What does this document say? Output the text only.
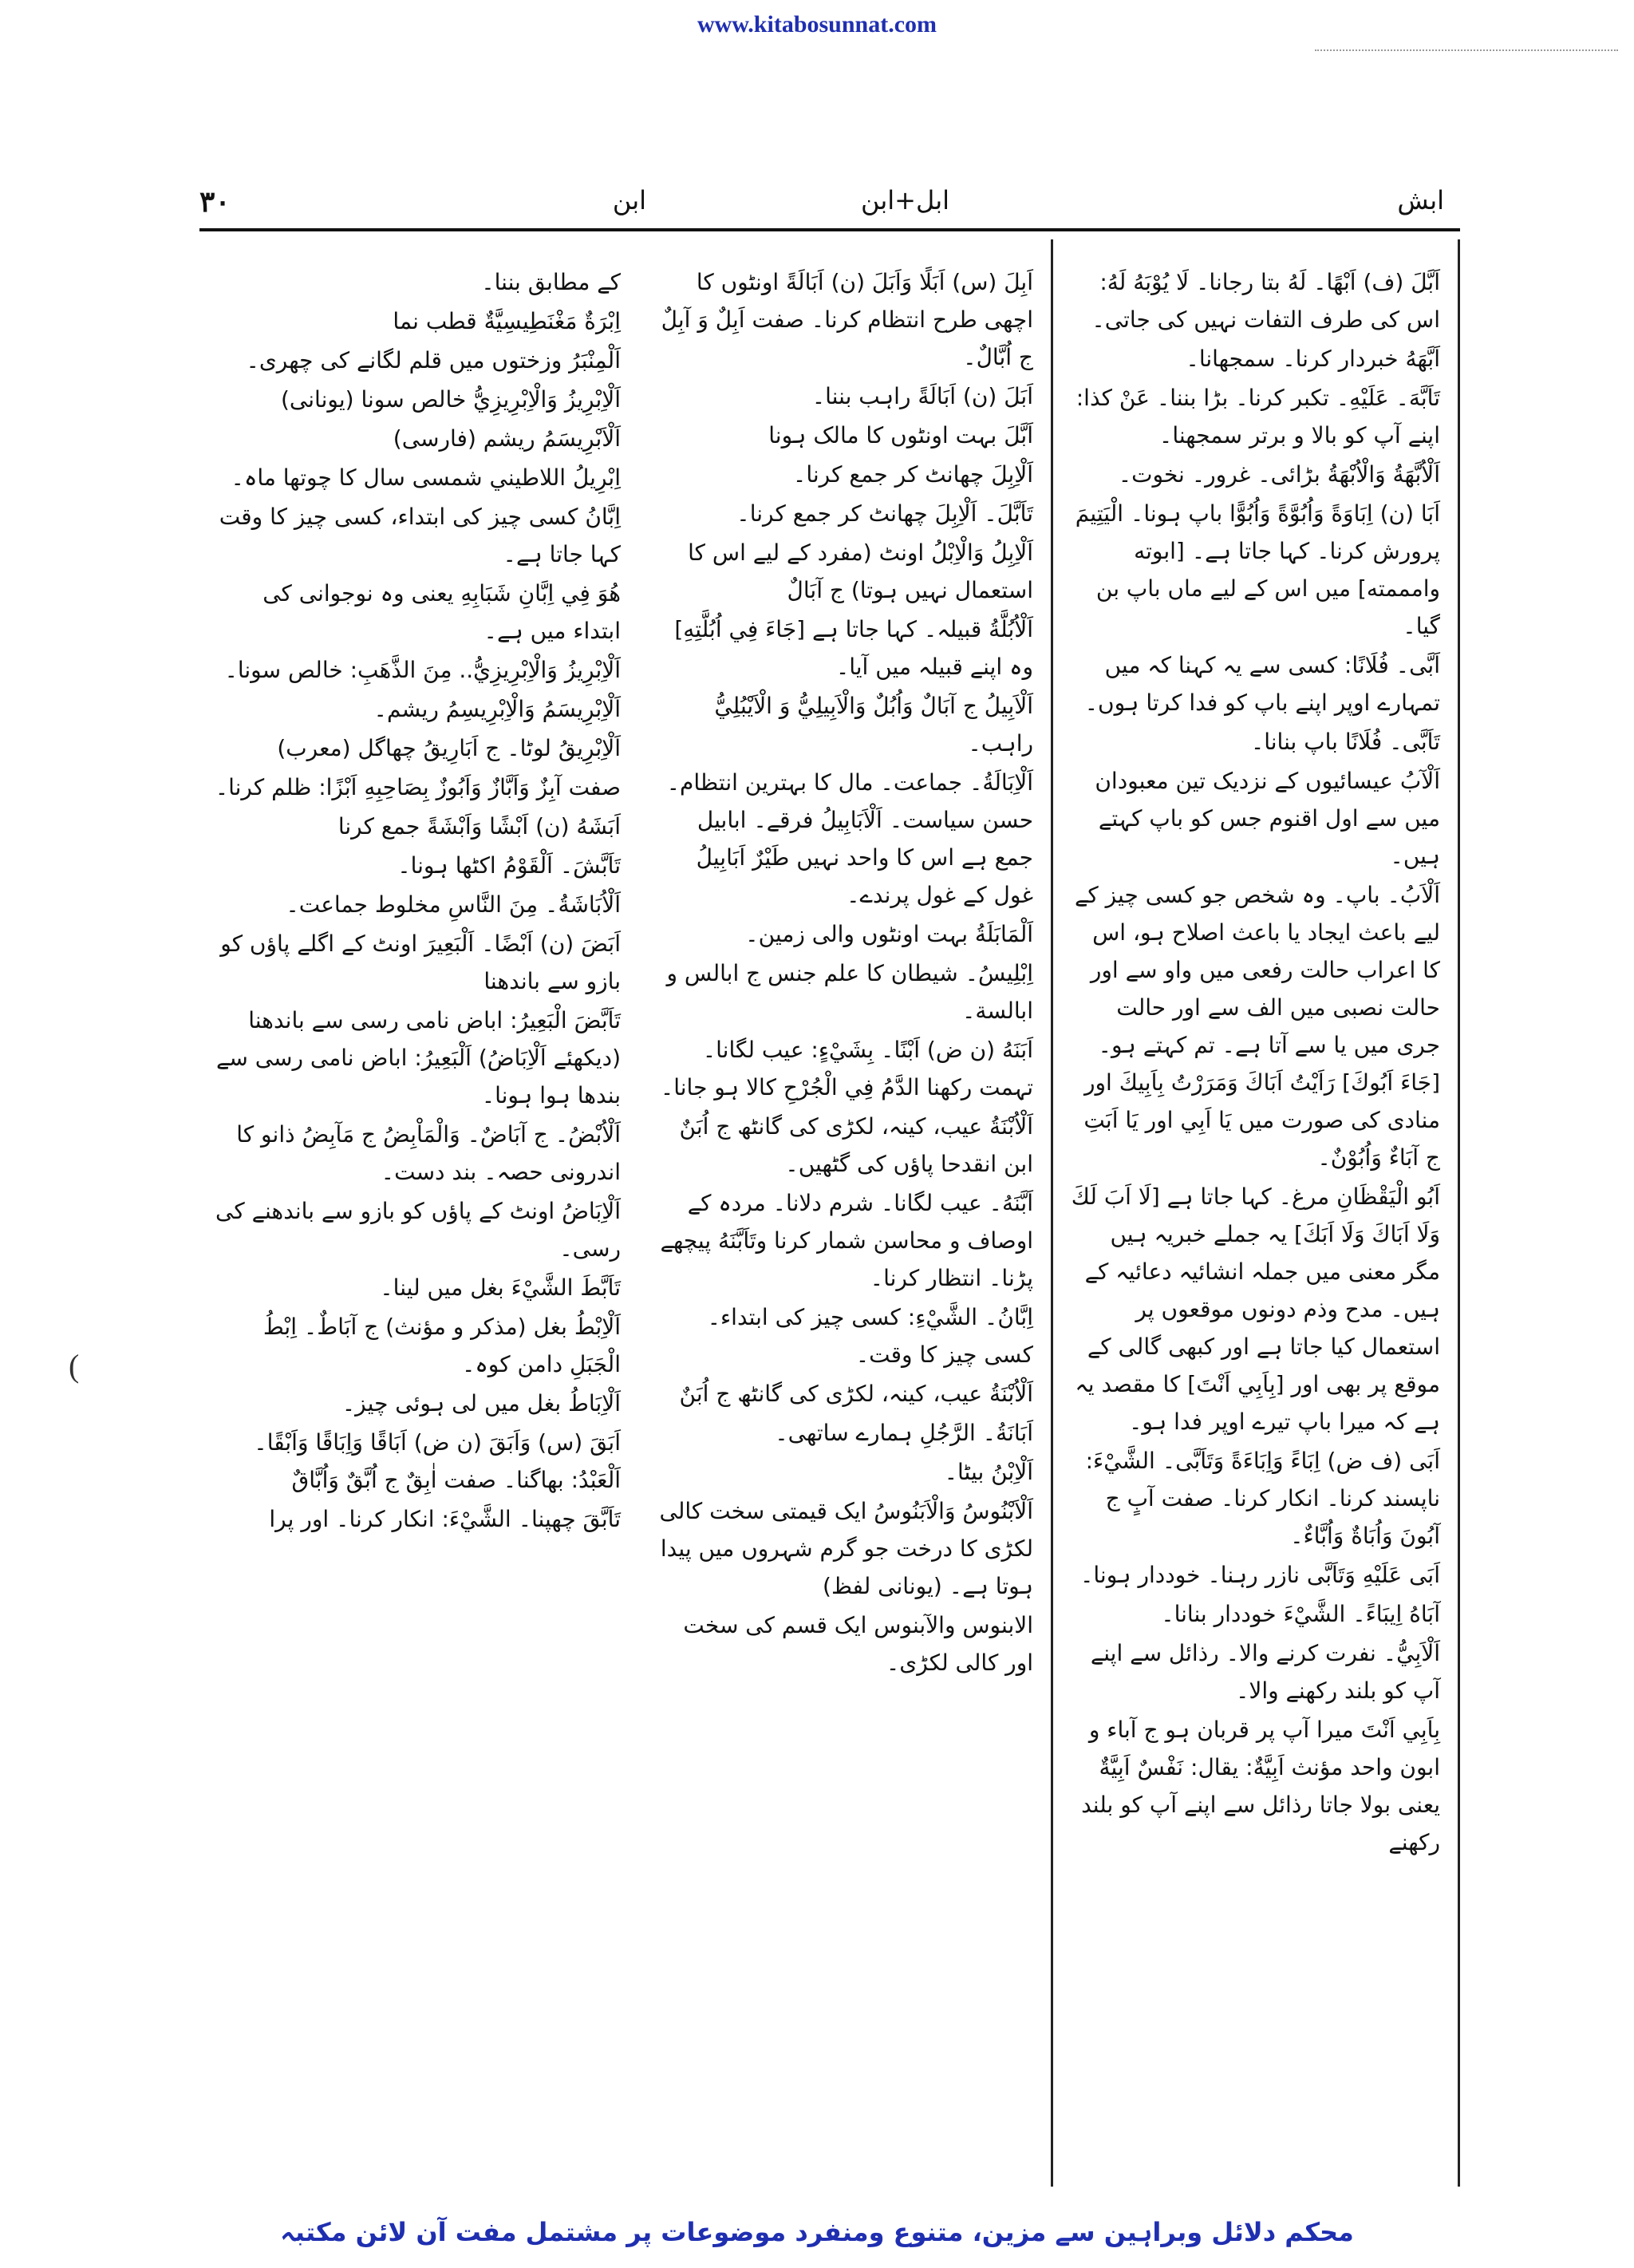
www.kitabosunnat.com
ابش
ابل+ابن
ابن
۳۰

کے مطابق بننا۔

اِبْرَةٌ مَغْنَطِيسِيَّةٌ قطب نما

اَلْمِنْبَرُ وزختوں میں قلم لگانے کی چھری۔

اَلْاِبْرِيزُ وَالْاِبْرِيزِيُّ خالص سونا (یونانی)

اَلْاَبْرِيسَمُ ریشم (فارسی)

اِبْرِيلُ اللاطيني شمسی سال کا چوتھا ماہ۔

اِبَّانُ کسی چیز کی ابتداء، کسی چیز کا وقت کہا جاتا ہے۔

هُوَ فِي اِبَّانِ شَبَابِهِ یعنی وہ نوجوانی کی ابتداء میں ہے۔

اَلْاِبْرِيزُ وَالْاِبْرِيزِيُّ.. مِنَ الذَّهَبِ: خالص سونا۔

اَلْاِبْرِيسَمُ وَالْاِبْرِيسِمُ ریشم۔

اَلْاِبْرِيقُ لوٹا۔ ج اَبَارِيقُ چھاگل (معرب)

صفت آبِزٌ وَاَبَّازٌ وَاَبُوزٌ بِصَاحِبِهِ اَبْزًا: ظلم کرنا۔

اَبَشَهُ (ن) اَبْشًا وَاَبْشَةً جمع کرنا

تَاَبَّشَ۔ اَلْقَوْمُ اکٹھا ہونا۔

اَلْاُبَاشَةُ۔ مِنَ النَّاسِ مخلوط جماعت۔

اَبَضَ (ن) اَبْضًا۔ اَلْبَعِيرَ اونٹ کے اگلے پاؤں کو بازو سے باندھنا

تَاَبَّضَ الْبَعِيرُ: اباض نامی رسی سے باندھنا (دیکھئے اَلْاِبَاضُ) اَلْبَعِيرُ: اباض نامی رسی سے بندھا ہوا ہونا۔

اَلْاُبْضُ۔ ج آبَاضٌ۔ وَالْمَاْبِضُ ج مَآبِضُ ذانو کا اندرونی حصہ۔ بند دست۔

اَلْاِبَاضُ اونٹ کے پاؤں کو بازو سے باندھنے کی رسی۔

تَاَبَّطَ الشَّيْءَ بغل میں لینا۔

اَلْاِبْطُ بغل (مذکر و مؤنث) ج آبَاطٌ۔ اِبْطُ الْجَبَلِ دامن کوہ۔

اَلْاِبَاطُ بغل میں لی ہوئی چیز۔

اَبَقَ (س) وَاَبَقَ (ن ض) اَبَاقًا وَاِبَاقًا وَاَبْقًا۔ اَلْعَبْدُ: بھاگنا۔ صفت اٰبِقٌ ج اُبَّقٌ وَاُبَّاقٌ

تَاَبَّقَ چھپنا۔ الشَّيْءَ: انکار کرنا۔ اور پرا

اَبِلَ (س) اَبَلًا وَاَبَلَ (ن) اَبَالَةً اونٹوں کا اچھی طرح انتظام کرنا۔ صفت اَبِلٌ وَ آبِلٌ ج اُبَّالٌ۔

اَبَلَ (ن) اَبَالَةً راہب بننا۔

اَبَّلَ بہت اونٹوں کا مالک ہونا

اَلْاِبِلَ چھانٹ کر جمع کرنا۔

تَاَبَّلَ۔ اَلْاِبِلَ چھانٹ کر جمع کرنا۔

اَلْاِبِلُ وَالْاِبْلُ اونٹ (مفرد کے لیے اس کا استعمال نہیں ہوتا) ج آبَالٌ

اَلْاُبُلَّةُ قبیلہ۔ کہا جاتا ہے [جَاءَ فِي اُبُلَّتِهِ] وہ اپنے قبیلہ میں آیا۔

اَلْاَبِيلُ ج آبَالٌ وَاُبُلٌ وَالْاَبِيلِيُّ وَ الْاَيْبُلِيُّ راہب۔

اَلْاِبَالَةُ۔ جماعت۔ مال کا بہترین انتظام۔ حسن سیاست۔ اَلْاَبَابِيلُ فرقے۔ ابابیل جمع ہے اس کا واحد نہیں طَيْرٌ اَبَابِيلُ غول کے غول پرندے۔

اَلْمَابَلَةُ بہت اونٹوں والی زمین۔

اِبْلِيسُ۔ شیطان کا علم جنس ج ابالس و ابالسة۔

اَبَنَهُ (ن ض) اَبْنًا۔ بِشَيْءٍ: عیب لگانا۔ تہمت رکھنا الدَّمُ فِي الْجُرْحِ کالا ہو جانا۔

اَلْاُبْنَةُ عیب، کینہ، لکڑی کی گانٹھ ج اُبَنٌ ابن انقدحا پاؤں کی گٹھیں۔

اَبَّنَهُ۔ عیب لگانا۔ شرم دلانا۔ مردہ کے اوصاف و محاسن شمار کرنا وتَاَبَّنَهُ پیچھے پڑنا۔ انتظار کرنا۔

اِبَّانُ۔ الشَّيْءِ: کسی چیز کی ابتداء۔ کسی چیز کا وقت۔

اَلْاُبْنَةُ عیب، کینہ، لکڑی کی گانٹھ ج اُبَنٌ

اَبَانَةُ۔ الرَّجُلِ ہمارے ساتھی۔

اَلْاِبْنُ بیٹا۔

اَلْاَبْنُوسُ وَالْاَبَنُوسُ ایک قیمتی سخت کالی لکڑی کا درخت جو گرم شہروں میں پیدا ہوتا ہے۔ (یونانی لفظ)

الابنوس والآبنوس ایک قسم کی سخت اور کالی لکڑی۔

اَبَّلَ (ف) اَبْهًا۔ لَهُ بتا رجانا۔ لَا يُوْبَهُ لَهُ: اس کی طرف التفات نہیں کی جاتی۔

اَبَّهَهُ خبردار کرنا۔ سمجھانا۔

تَاَبَّهَ۔ عَلَيْهِ۔ تکبر کرنا۔ بڑا بننا۔ عَنْ كذا: اپنے آپ کو بالا و برتر سمجھنا۔

اَلْاُبَّهَةُ وَالْاُبْهَةُ بڑائی۔ غرور۔ نخوت۔

اَبَا (ن) اِبَاوَةً وَاُبُوَّةً وَاُبُوًّا باپ ہونا۔ الْيَتِيمَ پرورش کرنا۔ کہا جاتا ہے۔ [ابوته وامممته] میں اس کے لیے ماں باپ بن گیا۔

اَبَّى۔ فُلَانًا: کسی سے یہ کہنا کہ میں تمہارے اوپر اپنے باپ کو فدا کرتا ہوں۔

تَاَبَّى۔ فُلَانًا باپ بنانا۔

اَلْآبُ عیسائیوں کے نزدیک تین معبودان میں سے اول اقنوم جس کو باپ کہتے ہیں۔

اَلْاَبُ۔ باپ۔ وہ شخص جو کسی چیز کے لیے باعث ایجاد یا باعث اصلاح ہو، اس کا اعراب حالت رفعی میں واو سے اور حالت نصبی میں الف سے اور حالت جری میں یا سے آتا ہے۔ تم کہتے ہو۔ [جَاءَ اَبُوكَ] رَاَيْتُ اَبَاكَ وَمَرَرْتُ بِاَبِيكَ اور منادی کی صورت میں يَا اَبِي اور يَا اَبَتِ ج آبَاءٌ وَاُبُوْنٌ۔

اَبُو الْيَقْظَانِ مرغ۔ کہا جاتا ہے [لَا اَبَ لَكَ وَلَا اَبَاكَ وَلَا اَبَكَ] یہ جملے خبریہ ہیں مگر معنی میں جملہ انشائیہ دعائیہ کے ہیں۔ مدح وذم دونوں موقعوں پر استعمال کیا جاتا ہے اور کبھی گالی کے موقع پر بھی اور [بِاَبِي اَنْتَ] کا مقصد یہ ہے کہ میرا باپ تیرے اوپر فدا ہو۔

اَبَى (ف ض) اِبَاءً وَاِبَاءَةً وَتَاَبَّى۔ الشَّيْءَ: ناپسند کرنا۔ انکار کرنا۔ صفت آبٍ ج آبُونَ وَاُبَاةٌ وَاُبَّاءٌ۔

اَبَى عَلَيْهِ وَتَاَبَّى نازر رہنا۔ خوددار ہونا۔

آبَاهُ اِيبَاءً۔ الشَّيْءَ خوددار بنانا۔

اَلْاَبِيُّ۔ نفرت کرنے والا۔ رذائل سے اپنے آپ کو بلند رکھنے والا۔

بِاَبِي اَنْتَ میرا آپ پر قربان ہو ج آباء و ابون واحد مؤنث اَبِيَّةٌ: يقال: نَفْسٌ اَبِيَّةٌ یعنی بولا جاتا رذائل سے اپنے آپ کو بلند رکھنے

(
محکم دلائل وبراہین سے مزین، متنوع ومنفرد موضوعات پر مشتمل مفت آن لائن مکتبہ
